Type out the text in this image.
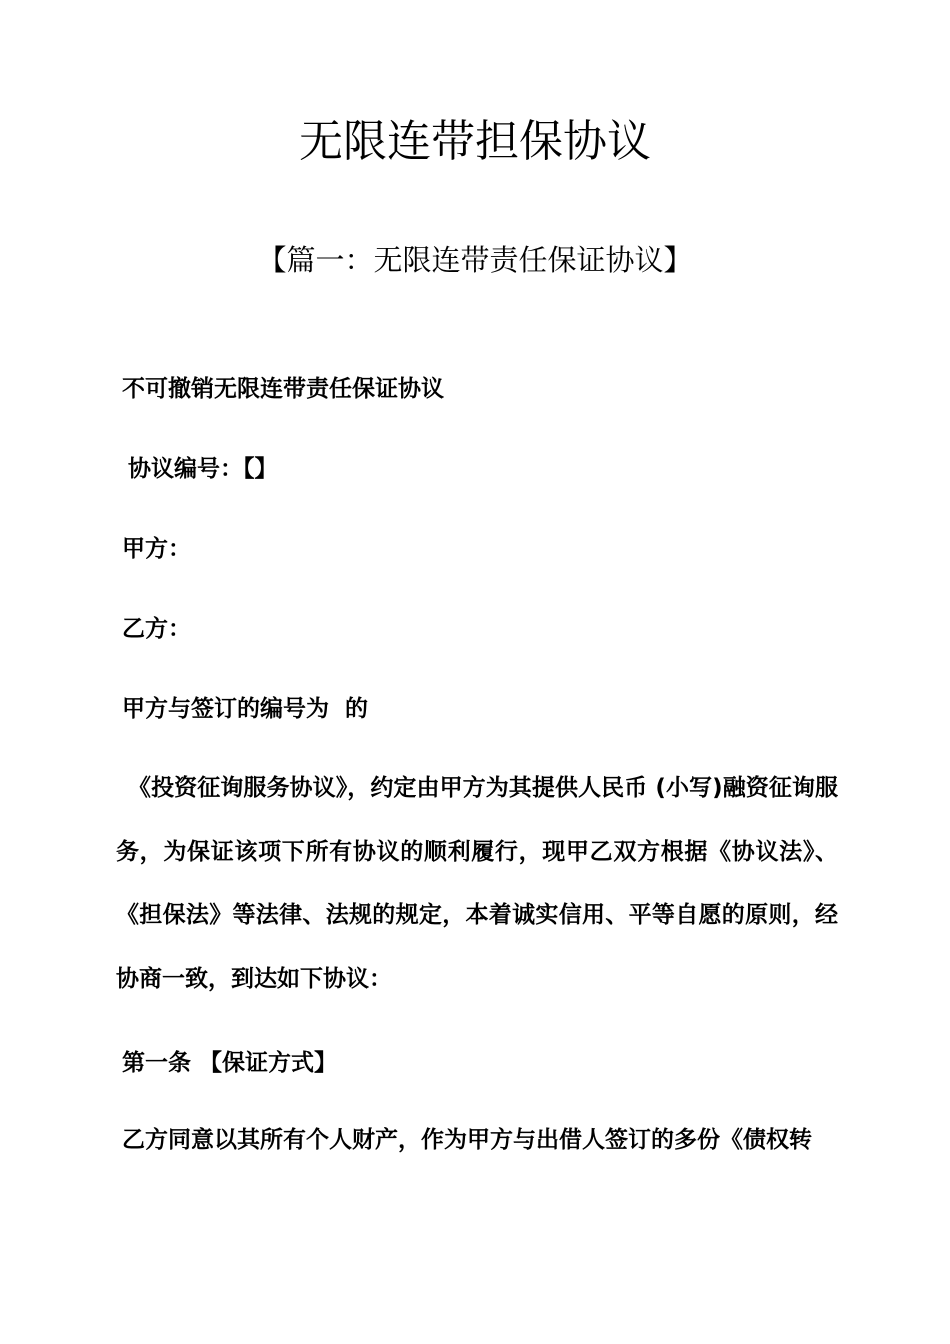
无限连带担保协议
【篇一：无限连带责任保证协议】
不可撤销无限连带责任保证协议
协议编号：【】
甲方：
乙方：
甲方与签订的编号为  的
《投资征询服务协议》，约定由甲方为其提供人民币 (小写)融资征询服务，为保证该项下所有协议的顺利履行，现甲乙双方根据《协议法》、《担保法》等法律、法规的规定，本着诚实信用、平等自愿的原则，经协商一致，到达如下协议：
第一条 【保证方式】
乙方同意以其所有个人财产，作为甲方与出借人签订的多份《债权转
